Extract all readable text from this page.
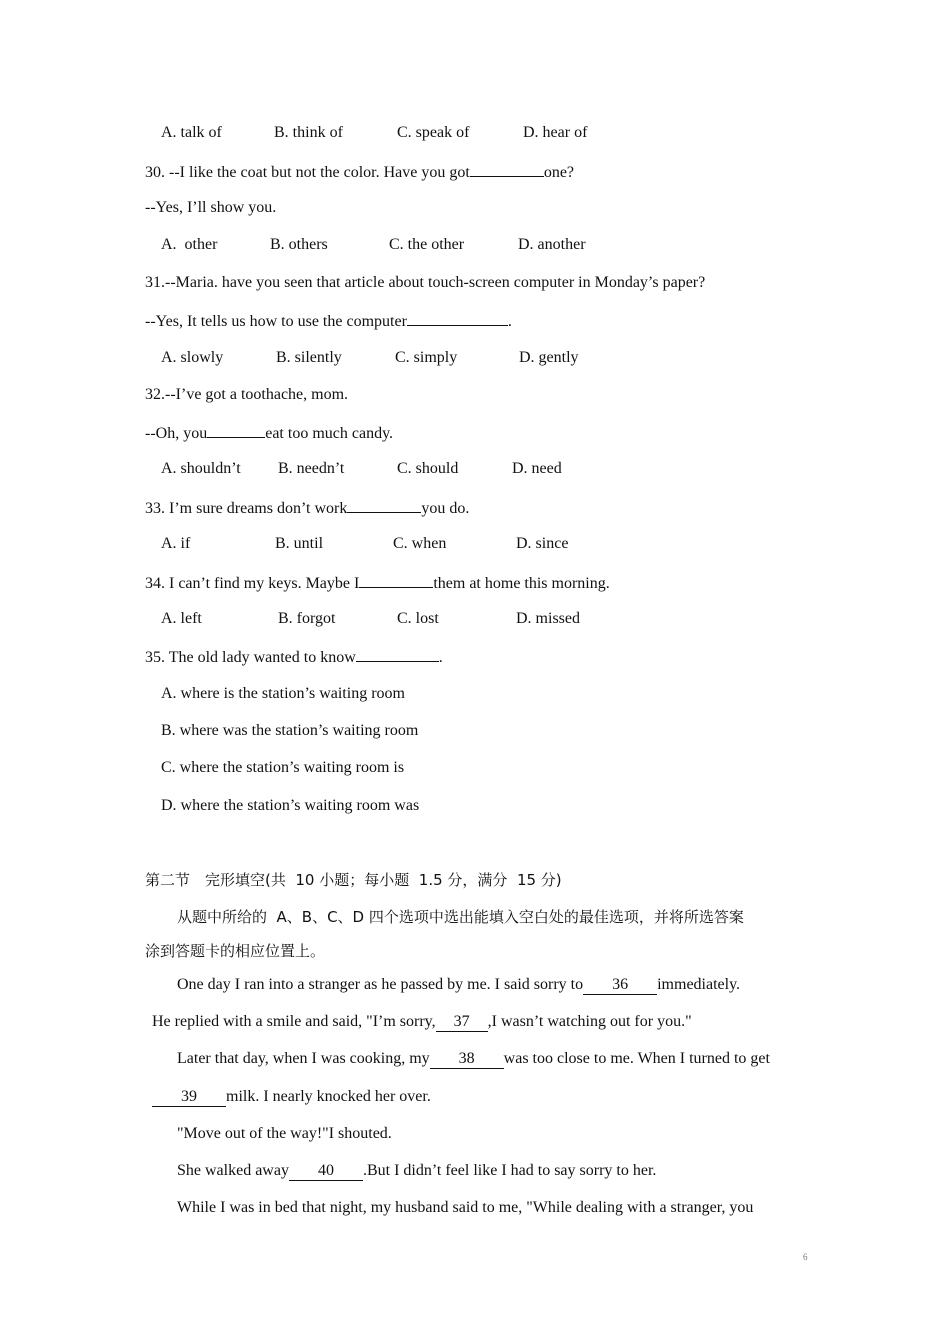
A. talk of	B. think of	C. speak of	D. hear of
30. --I like the coat but not the color. Have you got	one?
--Yes, I’ll show you.
A.  other	B. others	C. the other	D. another
31.--Maria. have you seen that article about touch-screen computer in Monday’s paper?
--Yes, It tells us how to use the computer	.
A. slowly	B. silently	C. simply	D. gently
32.--I’ve got a toothache, mom.
--Oh, you	eat too much candy.
A. shouldn’t B. needn’t	C. should	D. need
33. I’m sure dreams don’t work	you do.
A. if	B. until	C. when	D. since
34. I can’t find my keys. Maybe I	them at home this morning.
A. left	B. forgot	C. lost	D. missed
35. The old lady wanted to know	.
A. where is the station’s waiting room
B. where was the station’s waiting room
C. where the station’s waiting room is
D. where the station’s waiting room was
第二节　完形填空(共  10 小题；每小题  1.5 分，满分  15 分)
从题中所给的  A、B、C、D 四个选项中选出能填入空白处的最佳选项，并将所选答案
涂到答题卡的相应位置上。
One day I ran into a stranger as he passed by me. I said sorry to 36 immediately.
He replied with a smile and said, "I’m sorry, 37 ,I wasn’t watching out for you."
Later that day, when I was cooking, my 38 was too close to me. When I turned to get
39 milk. I nearly knocked her over.
"Move out of the way!"I shouted.
She walked away 40 .But I didn’t feel like I had to say sorry to her.
While I was in bed that night, my husband said to me, "While dealing with a stranger, you
6
